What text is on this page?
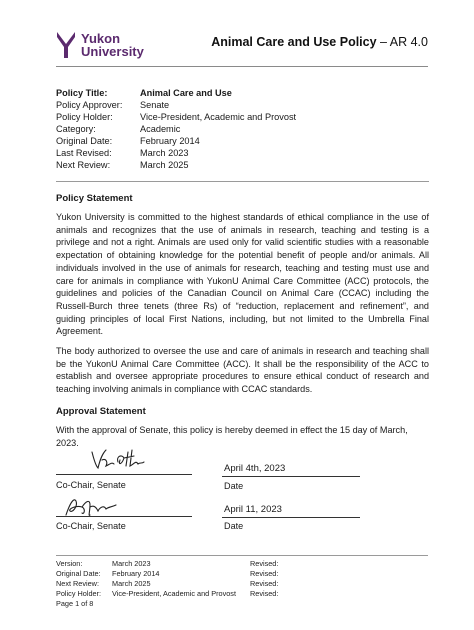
Yukon
University
Animal Care and Use Policy – AR 4.0
Policy Title:	Animal Care and Use
Policy Approver:	Senate
Policy Holder:	Vice-President, Academic and Provost
Category:	Academic
Original Date:	February 2014
Last Revised:	March 2023
Next Review:	March 2025
Policy Statement
Yukon University is committed to the highest standards of ethical compliance in the use of animals and recognizes that the use of animals in research, teaching and testing is a privilege and not a right. Animals are used only for valid scientific studies with a reasonable expectation of obtaining knowledge for the potential benefit of people and/or animals. All individuals involved in the use of animals for research, teaching and testing must use and care for animals in compliance with YukonU Animal Care Committee (ACC) protocols, the guidelines and policies of the Canadian Council on Animal Care (CCAC) including the Russell-Burch three tenets (three Rs) of “reduction, replacement and refinement”, and guiding principles of local First Nations, including, but not limited to the Umbrella Final Agreement.
The body authorized to oversee the use and care of animals in research and teaching shall be the YukonU Animal Care Committee (ACC). It shall be the responsibility of the ACC to establish and oversee appropriate procedures to ensure ethical conduct of research and teaching involving animals in compliance with CCAC standards.
Approval Statement
With the approval of Senate, this policy is hereby deemed in effect the 15 day of March, 2023.
Co-Chair, Senate
April 4th, 2023
Date
Co-Chair, Senate
April 11, 2023
Date
Version:	March 2023	Revised:
Original Date:	February 2014	Revised:
Next Review:	March 2025	Revised:
Policy Holder:	Vice-President, Academic and Provost	Revised:
Page 1 of 8
